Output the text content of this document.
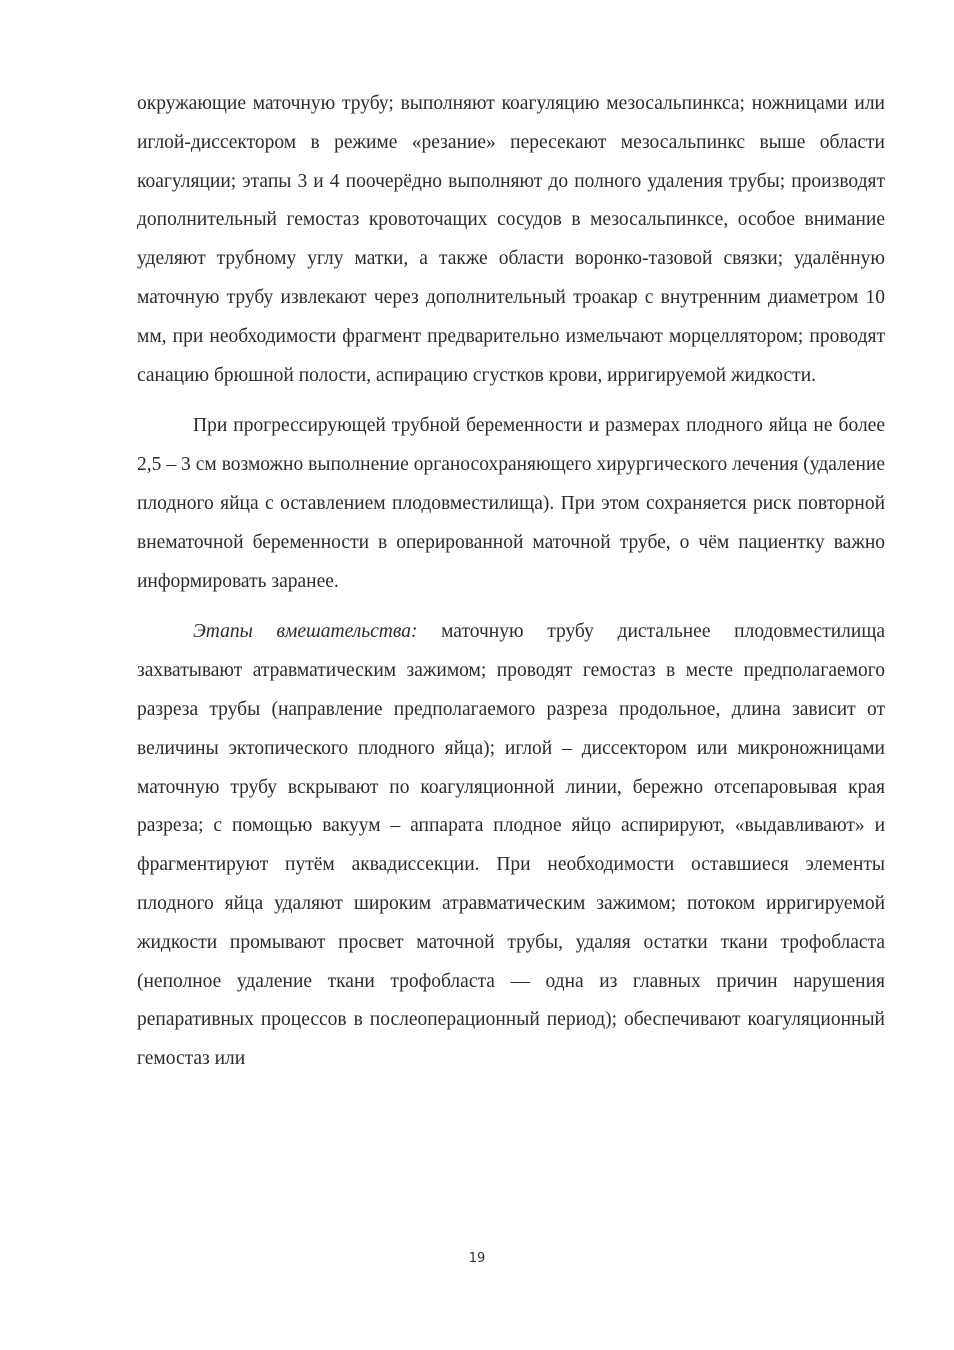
окружающие маточную трубу; выполняют коагуляцию мезосальпинкса; ножницами или иглой-диссектором в режиме «резание» пересекают мезосальпинкс выше области коагуляции; этапы 3 и 4 поочерёдно выполняют до полного удаления трубы; производят дополнительный гемостаз кровоточащих сосудов в мезосальпинксе, особое внимание уделяют трубному углу матки, а также области воронко-тазовой связки; удалённую маточную трубу извлекают через дополнительный троакар с внутренним диаметром 10 мм, при необходимости фрагмент предварительно измельчают морцеллятором; проводят санацию брюшной полости, аспирацию сгустков крови, ирригируемой жидкости.

При прогрессирующей трубной беременности и размерах плодного яйца не более 2,5 – 3 см возможно выполнение органосохраняющего хирургического лечения (удаление плодного яйца с оставлением плодовместилища). При этом сохраняется риск повторной внематочной беременности в оперированной маточной трубе, о чём пациентку важно информировать заранее.

Этапы вмешательства: маточную трубу дистальнее плодовместилища захватывают атравматическим зажимом; проводят гемостаз в месте предполагаемого разреза трубы (направление предполагаемого разреза продольное, длина зависит от величины эктопического плодного яйца); иглой – диссектором или микроножницами маточную трубу вскрывают по коагуляционной линии, бережно отсепаровывая края разреза; с помощью вакуум – аппарата плодное яйцо аспирируют, «выдавливают» и фрагментируют путём аквадиссекции. При необходимости оставшиеся элементы плодного яйца удаляют широким атравматическим зажимом; потоком ирригируемой жидкости промывают просвет маточной трубы, удаляя остатки ткани трофобласта (неполное удаление ткани трофобласта — одна из главных причин нарушения репаративных процессов в послеоперационный период); обеспечивают коагуляционный гемостаз или

19
